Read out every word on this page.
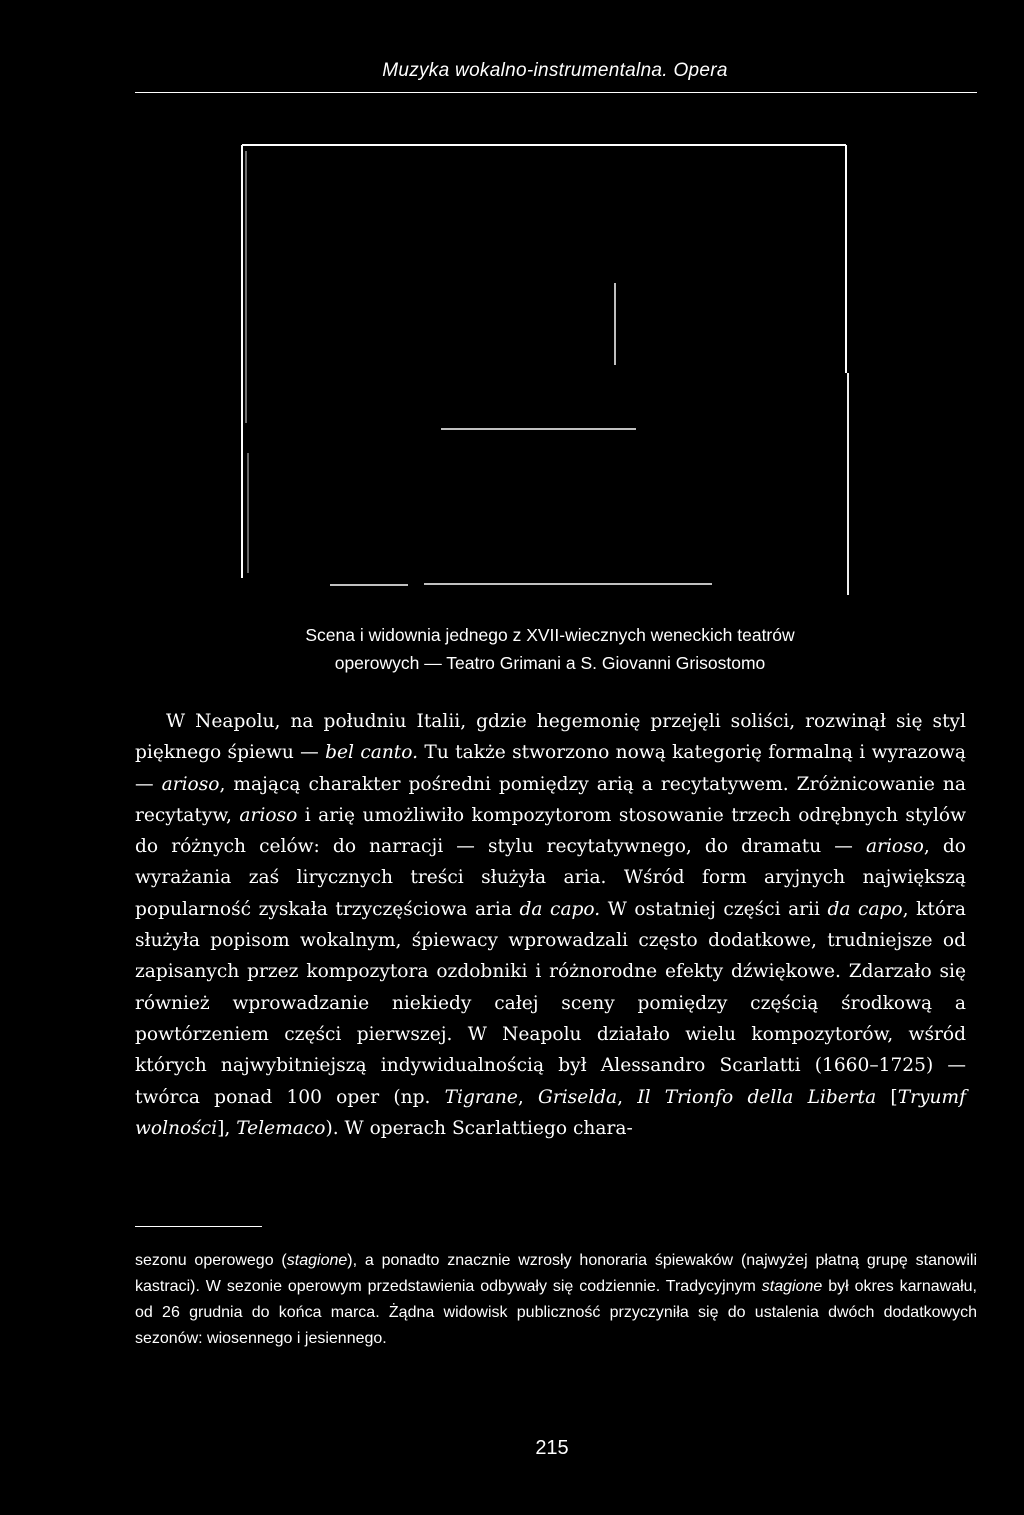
Muzyka wokalno-instrumentalna. Opera
Scena i widownia jednego z XVII-wiecznych weneckich teatrów
operowych — Teatro Grimani a S. Giovanni Grisostomo

W Neapolu, na południu Italii, gdzie hegemonię przejęli soliści, rozwinął się styl pięknego śpiewu — bel canto. Tu także stworzono nową kategorię formalną i wyrazową — arioso, mającą charakter pośredni pomiędzy arią a recytatywem. Zróżnicowanie na recytatyw, arioso i arię umożliwiło kompozytorom stosowanie trzech odrębnych stylów do różnych celów: do narracji — stylu recytatywnego, do dramatu — arioso, do wyrażania zaś lirycznych treści służyła aria. Wśród form aryjnych największą popularność zyskała trzyczęściowa aria da capo. W ostatniej części arii da capo, która służyła popisom wokalnym, śpiewacy wprowadzali często dodatkowe, trudniejsze od zapisanych przez kompozytora ozdobniki i różnorodne efekty dźwiękowe. Zdarzało się również wprowadzanie niekiedy całej sceny pomiędzy częścią środkową a powtórzeniem części pierwszej. W Neapolu działało wielu kompozytorów, wśród których najwybitniejszą indywidualnością był Alessandro Scarlatti (1660–1725) — twórca ponad 100 oper (np. Tigrane, Griselda, Il Trionfo della Liberta [Tryumf wolności], Telemaco). W operach Scarlattiego chara-

sezonu operowego (stagione), a ponadto znacznie wzrosły honoraria śpiewaków (najwyżej płatną grupę stanowili kastraci). W sezonie operowym przedstawienia odbywały się codziennie. Tradycyjnym stagione był okres karnawału, od 26 grudnia do końca marca. Żądna widowisk publiczność przyczyniła się do ustalenia dwóch dodatkowych sezonów: wiosennego i jesiennego.

215
